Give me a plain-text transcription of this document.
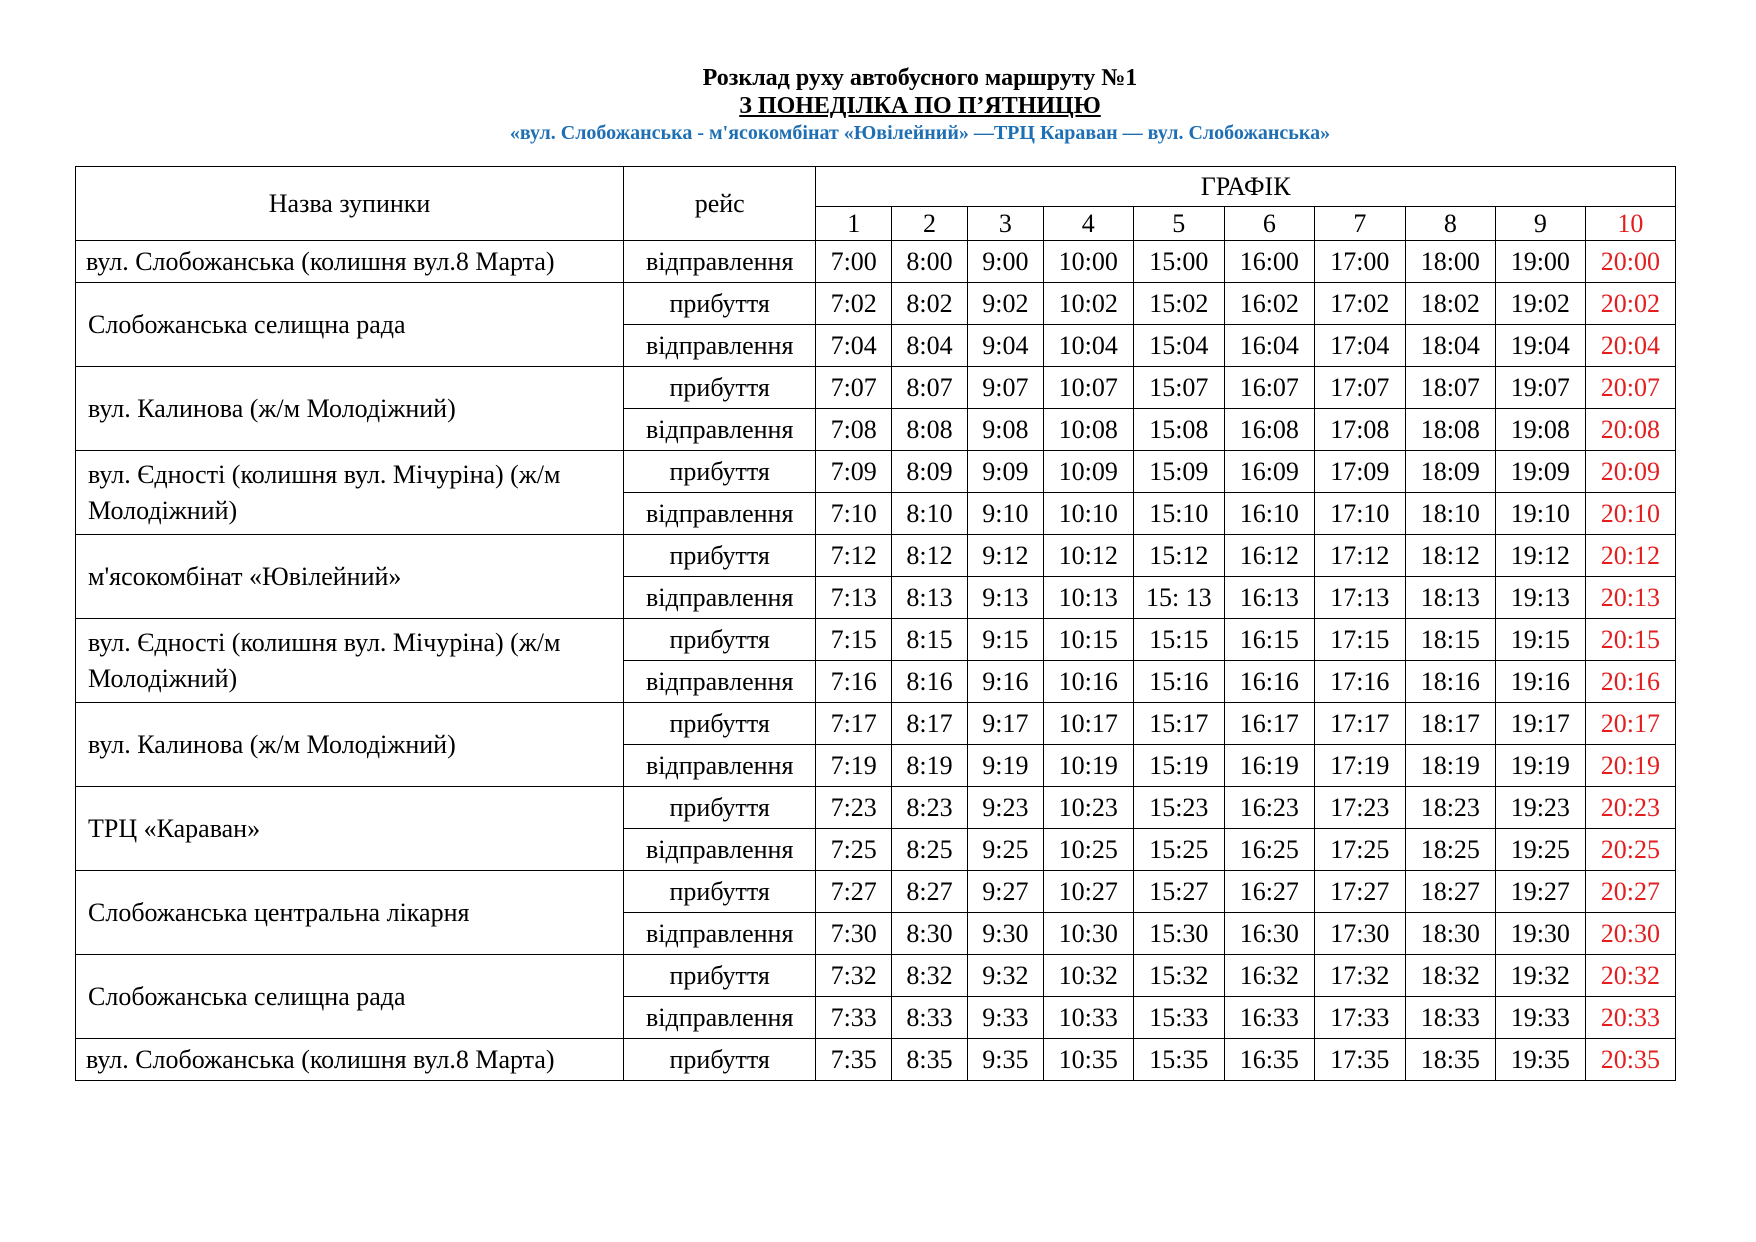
Розклад руху автобусного маршруту №1
З ПОНЕДІЛКА ПО П’ЯТНИЦЮ
«вул. Слобожанська - м'ясокомбінат «Ювілейний» —ТРЦ Караван — вул. Слобожанська»
Назва зупинки	рейс	ГРАФІК									
		1	2	3	4	5	6	7	8	9	10
вул. Слобожанська (колишня вул.8 Марта)	відправлення	7:00	8:00	9:00	10:00	15:00	16:00	17:00	18:00	19:00	20:00
Слобожанська селищна рада	прибуття	7:02	8:02	9:02	10:02	15:02	16:02	17:02	18:02	19:02	20:02
	відправлення	7:04	8:04	9:04	10:04	15:04	16:04	17:04	18:04	19:04	20:04
вул. Калинова (ж/м Молодіжний)	прибуття	7:07	8:07	9:07	10:07	15:07	16:07	17:07	18:07	19:07	20:07
	відправлення	7:08	8:08	9:08	10:08	15:08	16:08	17:08	18:08	19:08	20:08
вул. Єдності (колишня вул. Мічуріна) (ж/м Молодіжний)	прибуття	7:09	8:09	9:09	10:09	15:09	16:09	17:09	18:09	19:09	20:09
	відправлення	7:10	8:10	9:10	10:10	15:10	16:10	17:10	18:10	19:10	20:10
м'ясокомбінат «Ювілейний»	прибуття	7:12	8:12	9:12	10:12	15:12	16:12	17:12	18:12	19:12	20:12
	відправлення	7:13	8:13	9:13	10:13	15: 13	16:13	17:13	18:13	19:13	20:13
вул. Єдності (колишня вул. Мічуріна) (ж/м Молодіжний)	прибуття	7:15	8:15	9:15	10:15	15:15	16:15	17:15	18:15	19:15	20:15
	відправлення	7:16	8:16	9:16	10:16	15:16	16:16	17:16	18:16	19:16	20:16
вул. Калинова (ж/м Молодіжний)	прибуття	7:17	8:17	9:17	10:17	15:17	16:17	17:17	18:17	19:17	20:17
	відправлення	7:19	8:19	9:19	10:19	15:19	16:19	17:19	18:19	19:19	20:19
ТРЦ «Караван»	прибуття	7:23	8:23	9:23	10:23	15:23	16:23	17:23	18:23	19:23	20:23
	відправлення	7:25	8:25	9:25	10:25	15:25	16:25	17:25	18:25	19:25	20:25
Слобожанська центральна лікарня	прибуття	7:27	8:27	9:27	10:27	15:27	16:27	17:27	18:27	19:27	20:27
	відправлення	7:30	8:30	9:30	10:30	15:30	16:30	17:30	18:30	19:30	20:30
Слобожанська селищна рада	прибуття	7:32	8:32	9:32	10:32	15:32	16:32	17:32	18:32	19:32	20:32
	відправлення	7:33	8:33	9:33	10:33	15:33	16:33	17:33	18:33	19:33	20:33
вул. Слобожанська (колишня вул.8 Марта)	прибуття	7:35	8:35	9:35	10:35	15:35	16:35	17:35	18:35	19:35	20:35
